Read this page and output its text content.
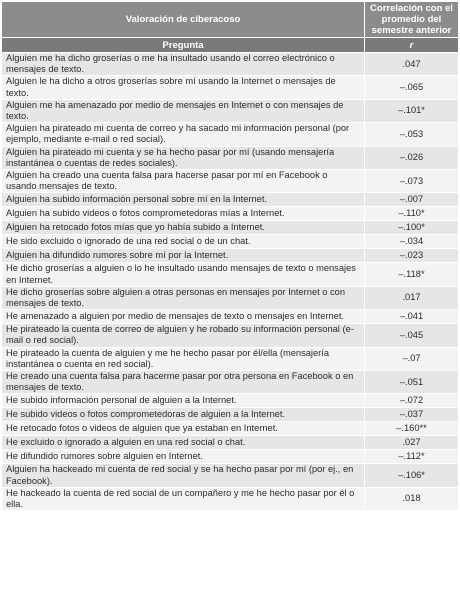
Valoración de ciberacoso	Correlación con el promedio del semestre anterior
Pregunta	r
Alguien me ha dicho groserías o me ha insultado usando el correo electrónico o mensajes de texto.	.047
Alguien le ha dicho a otros groserías sobre mí usando la Internet o mensajes de texto.	–.065
Alguien me ha amenazado por medio de mensajes en Internet o con mensajes de texto.	–.101*
Alguien ha pirateado mi cuenta de correo y ha sacado mi información personal (por ejemplo, mediante e-mail o red social).	–.053
Alguien ha pirateado mi cuenta y se ha hecho pasar por mí (usando mensajería instantánea o cuentas de redes sociales).	–.026
Alguien ha creado una cuenta falsa para hacerse pasar por mí en Facebook o usando mensajes de texto.	–.073
Alguien ha subido información personal sobre mí en la Internet.	–.007
Alguien ha subido videos o fotos comprometedoras mías a Internet.	–.110*
Alguien ha retocado fotos mías que yo había subido a Internet.	–.100*
He sido excluido o ignorado de una red social o de un chat.	–.034
Alguien ha difundido rumores sobre mí por la Internet.	–.023
He dicho groserías a alguien o lo he insultado usando mensajes de texto o mensajes en Internet.	–.118*
He dicho groserías sobre alguien a otras personas en mensajes por Internet o con mensajes de texto.	.017
He amenazado a alguien por medio de mensajes de texto o mensajes en Internet.	–.041
He pirateado la cuenta de correo de alguien y he robado su información personal (e-mail o red social).	–.045
He pirateado la cuenta de alguien y me he hecho pasar por él/ella (mensajería instantánea o cuenta en red social).	–.07
He creado una cuenta falsa para hacerme pasar por otra persona en Facebook o en mensajes de texto.	–.051
He subido información personal de alguien a la Internet.	–.072
He subido videos o fotos comprometedoras de alguien a la Internet.	–.037
He retocado fotos o videos de alguien que ya estaban en Internet.	–.160**
He excluido o ignorado a alguien en una red social o chat.	.027
He difundido rumores sobre alguien en Internet.	–.112*
Alguien ha hackeado mi cuenta de red social y se ha hecho pasar por mí (por ej., en Facebook).	–.106*
He hackeado la cuenta de red social de un compañero y me he hecho pasar por él o ella.	.018
